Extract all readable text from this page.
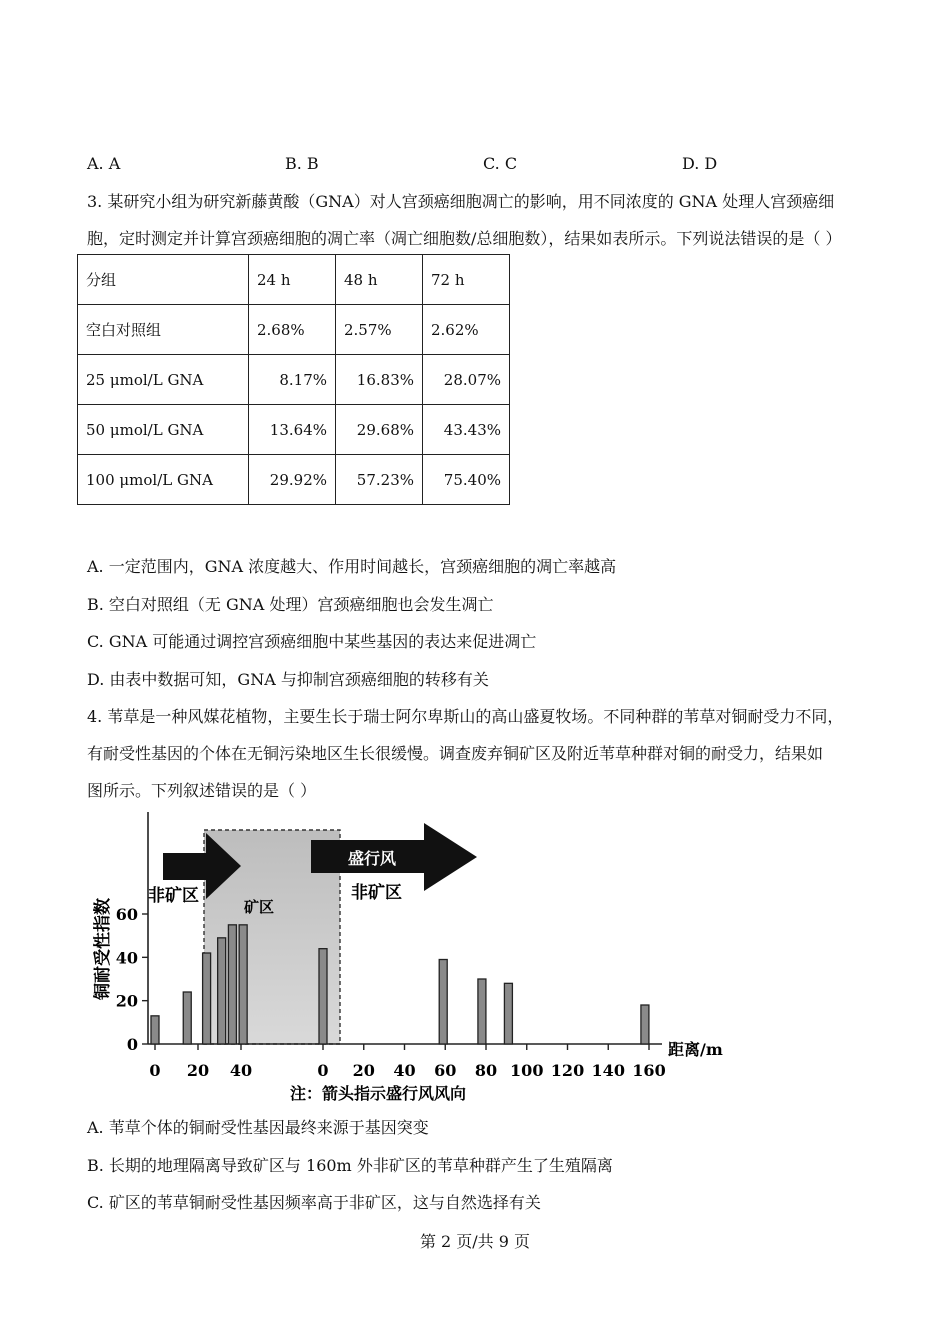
A. A	B. B	C. C	D. D
3. 某研究小组为研究新藤黄酸（GNA）对人宫颈癌细胞凋亡的影响，用不同浓度的 GNA 处理人宫颈癌细
胞，定时测定并计算宫颈癌细胞的凋亡率（凋亡细胞数/总细胞数），结果如表所示。下列说法错误的是（ ）
分组	24 h	48 h	72 h
空白对照组	2.68%	2.57%	2.62%
25 μmol/L GNA	8.17%	16.83%	28.07%
50 μmol/L GNA	13.64%	29.68%	43.43%
100 μmol/L GNA	29.92%	57.23%	75.40%
A. 一定范围内，GNA 浓度越大、作用时间越长，宫颈癌细胞的凋亡率越高
B. 空白对照组（无 GNA 处理）宫颈癌细胞也会发生凋亡
C. GNA 可能通过调控宫颈癌细胞中某些基因的表达来促进凋亡
D. 由表中数据可知，GNA 与抑制宫颈癌细胞的转移有关
4. 苇草是一种风媒花植物，主要生长于瑞士阿尔卑斯山的高山盛夏牧场。不同种群的苇草对铜耐受力不同，
有耐受性基因的个体在无铜污染地区生长很缓慢。调查废弃铜矿区及附近苇草种群对铜的耐受力，结果如
图所示。下列叙述错误的是（ ）
0
20
40
60
铜耐受性指数
0 20 40	0 20 40 60 80 100 120 140 160
盛行风
注：箭头指示盛行风风向
距离/m
矿区
非矿区	非矿区
第 2 页/共 9 页
A. 苇草个体的铜耐受性基因最终来源于基因突变
B. 长期的地理隔离导致矿区与 160m 外非矿区的苇草种群产生了生殖隔离
C. 矿区的苇草铜耐受性基因频率高于非矿区，这与自然选择有关
